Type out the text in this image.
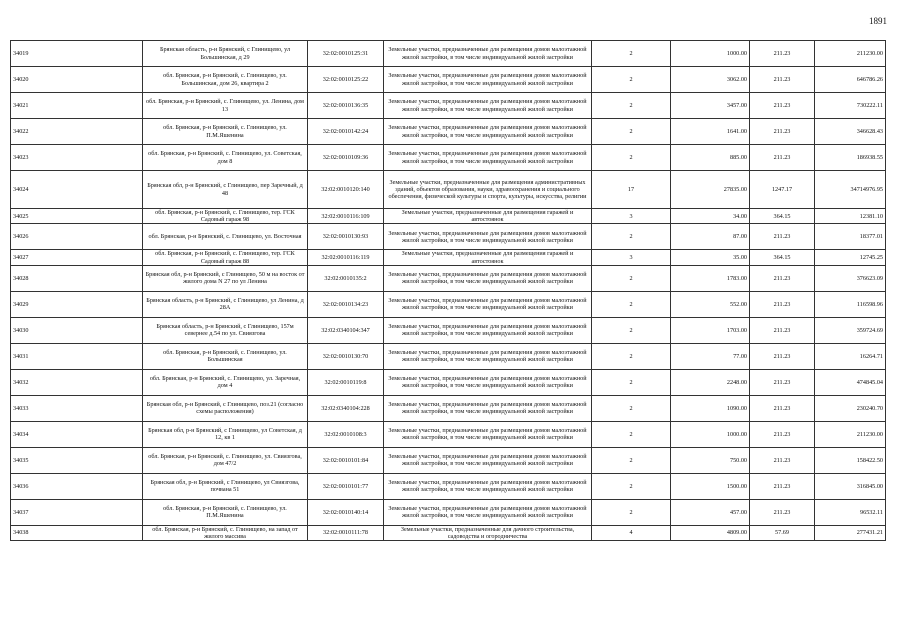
1891
34019	Брянская область, р-н Брянский, с Глинищево, ул Большинская, д 29	32:02:0010125:31	Земельные участки, предназначенные для размещения домов малоэтажной жилой застройки, в том числе индивидуальной жилой застройки	2	1000.00	211.23	211230.00
34020	обл. Брянская, р-н Брянский, с. Глинищево, ул. Большинская, дом 26, квартира 2	32:02:0010125:22	Земельные участки, предназначенные для размещения домов малоэтажной жилой застройки, в том числе индивидуальной жилой застройки	2	3062.00	211.23	646786.26
34021	обл. Брянская, р-н Брянский, с. Глинищево, ул. Ленина, дом 13	32:02:0010136:35	Земельные участки, предназначенные для размещения домов малоэтажной жилой застройки, в том числе индивидуальной жилой застройки	2	3457.00	211.23	730222.11
34022	обл. Брянская, р-н Брянский, с. Глинищево, ул. П.М.Яшенина	32:02:0010142:24	Земельные участки, предназначенные для размещения домов малоэтажной жилой застройки, в том числе индивидуальной жилой застройки	2	1641.00	211.23	346628.43
34023	обл. Брянская, р-н Брянский, с. Глинищево, ул. Советская, дом 8	32:02:0010109:36	Земельные участки, предназначенные для размещения домов малоэтажной жилой застройки, в том числе индивидуальной жилой застройки	2	885.00	211.23	186938.55
34024	Брянская обл, р-н Брянский, с Глинищево, пер Заречный, д 48	32:02:0010120:140	Земельные участки, предназначенные для размещения административных зданий, объектов образования, науки, здравоохранения и социального обеспечения, физической культуры и спорта, культуры, искусства, религии	17	27835.00	1247.17	34714976.95
34025	обл. Брянская, р-н Брянский, с. Глинищево, тер. ГСК Садовый гараж 98	32:02:0010116:109	Земельные участки, предназначенные для размещения гаражей и автостоянок	3	34.00	364.15	12381.10
34026	обл. Брянская, р-н Брянский, с. Глинищево, ул. Восточная	32:02:0010130:93	Земельные участки, предназначенные для размещения домов малоэтажной жилой застройки, в том числе индивидуальной жилой застройки	2	87.00	211.23	18377.01
34027	обл. Брянская, р-н Брянский, с. Глинищево, тер. ГСК Садовый гараж 88	32:02:0010116:119	Земельные участки, предназначенные для размещения гаражей и автостоянок	3	35.00	364.15	12745.25
34028	Брянская обл, р-н Брянский, с Глинищево, 50 м на восток от жилого дома N 27 по ул Ленина	32:02:0010135:2	Земельные участки, предназначенные для размещения домов малоэтажной жилой застройки, в том числе индивидуальной жилой застройки	2	1783.00	211.23	376623.09
34029	Брянская область, р-н Брянский, с Глинищево, ул Ленина, д 28А	32:02:0010134:23	Земельные участки, предназначенные для размещения домов малоэтажной жилой застройки, в том числе индивидуальной жилой застройки	2	552.00	211.23	116598.96
34030	Брянская область, р-н Брянский, с Глинищево, 157м севернее д.54 по ул. Свиязгова	32:02:0340104:347	Земельные участки, предназначенные для размещения домов малоэтажной жилой застройки, в том числе индивидуальной жилой застройки	2	1703.00	211.23	359724.69
34031	обл. Брянская, р-н Брянский, с. Глинищево, ул. Большинская	32:02:0010130:70	Земельные участки, предназначенные для размещения домов малоэтажной жилой застройки, в том числе индивидуальной жилой застройки	2	77.00	211.23	16264.71
34032	обл. Брянская, р-н Брянский, с. Глинищево, ул. Заречная, дом 4	32:02:0010119:8	Земельные участки, предназначенные для размещения домов малоэтажной жилой застройки, в том числе индивидуальной жилой застройки	2	2248.00	211.23	474845.04
34033	Брянская обл, р-н Брянский, с Глинищево, поз.21 (согласно схемы расположения)	32:02:0340104:228	Земельные участки, предназначенные для размещения домов малоэтажной жилой застройки, в том числе индивидуальной жилой застройки	2	1090.00	211.23	230240.70
34034	Брянская обл, р-н Брянский, с Глинищево, ул Советская, д 12, кв 1	32:02:0010108:3	Земельные участки, предназначенные для размещения домов малоэтажной жилой застройки, в том числе индивидуальной жилой застройки	2	1000.00	211.23	211230.00
34035	обл. Брянская, р-н Брянский, с. Глинищево, ул. Свиязгова, дом 47/2	32:02:0010101:84	Земельные участки, предназначенные для размещения домов малоэтажной жилой застройки, в том числе индивидуальной жилой застройки	2	750.00	211.23	158422.50
34036	Брянская обл, р-н Брянский, с Глинищево, ул Свиязгова, почвана 51	32:02:0010101:77	Земельные участки, предназначенные для размещения домов малоэтажной жилой застройки, в том числе индивидуальной жилой застройки	2	1500.00	211.23	316845.00
34037	обл. Брянская, р-н Брянский, с. Глинищево, ул. П.М.Яшенина	32:02:0010140:14	Земельные участки, предназначенные для размещения домов малоэтажной жилой застройки, в том числе индивидуальной жилой застройки	2	457.00	211.23	96532.11
34038	обл. Брянская, р-н Брянский, с. Глинищево, на запад от жилого массива	32:02:0010111:78	Земельные участки, предназначенные для дачного строительства, садоводства и огородничества	4	4809.00	57.69	277431.21
